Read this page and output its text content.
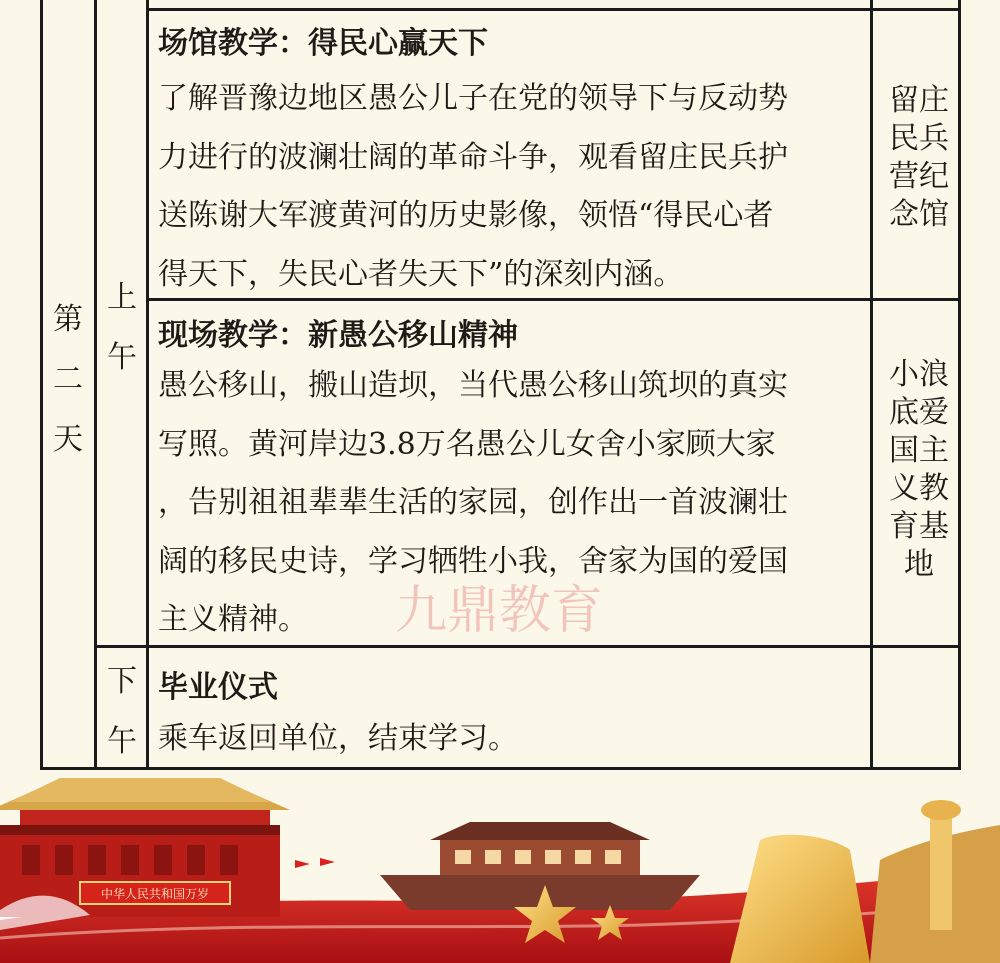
第
二
天
上
午
下
午
场馆教学：得民心赢天下
了解晋豫边地区愚公儿子在党的领导下与反动势
力进行的波澜壮阔的革命斗争，观看留庄民兵护
送陈谢大军渡黄河的历史影像，领悟“得民心者
得天下，失民心者失天下”的深刻内涵。
留庄民兵营纪念馆
现场教学：新愚公移山精神
愚公移山，搬山造坝，当代愚公移山筑坝的真实
写照。黄河岸边3.8万名愚公儿女舍小家顾大家
，告别祖祖辈辈生活的家园，创作出一首波澜壮
阔的移民史诗，学习牺牲小我，舍家为国的爱国
主义精神。
小浪底爱国主义教育基地
毕业仪式
乘车返回单位，结束学习。
九鼎教育
中华人民共和国万岁
